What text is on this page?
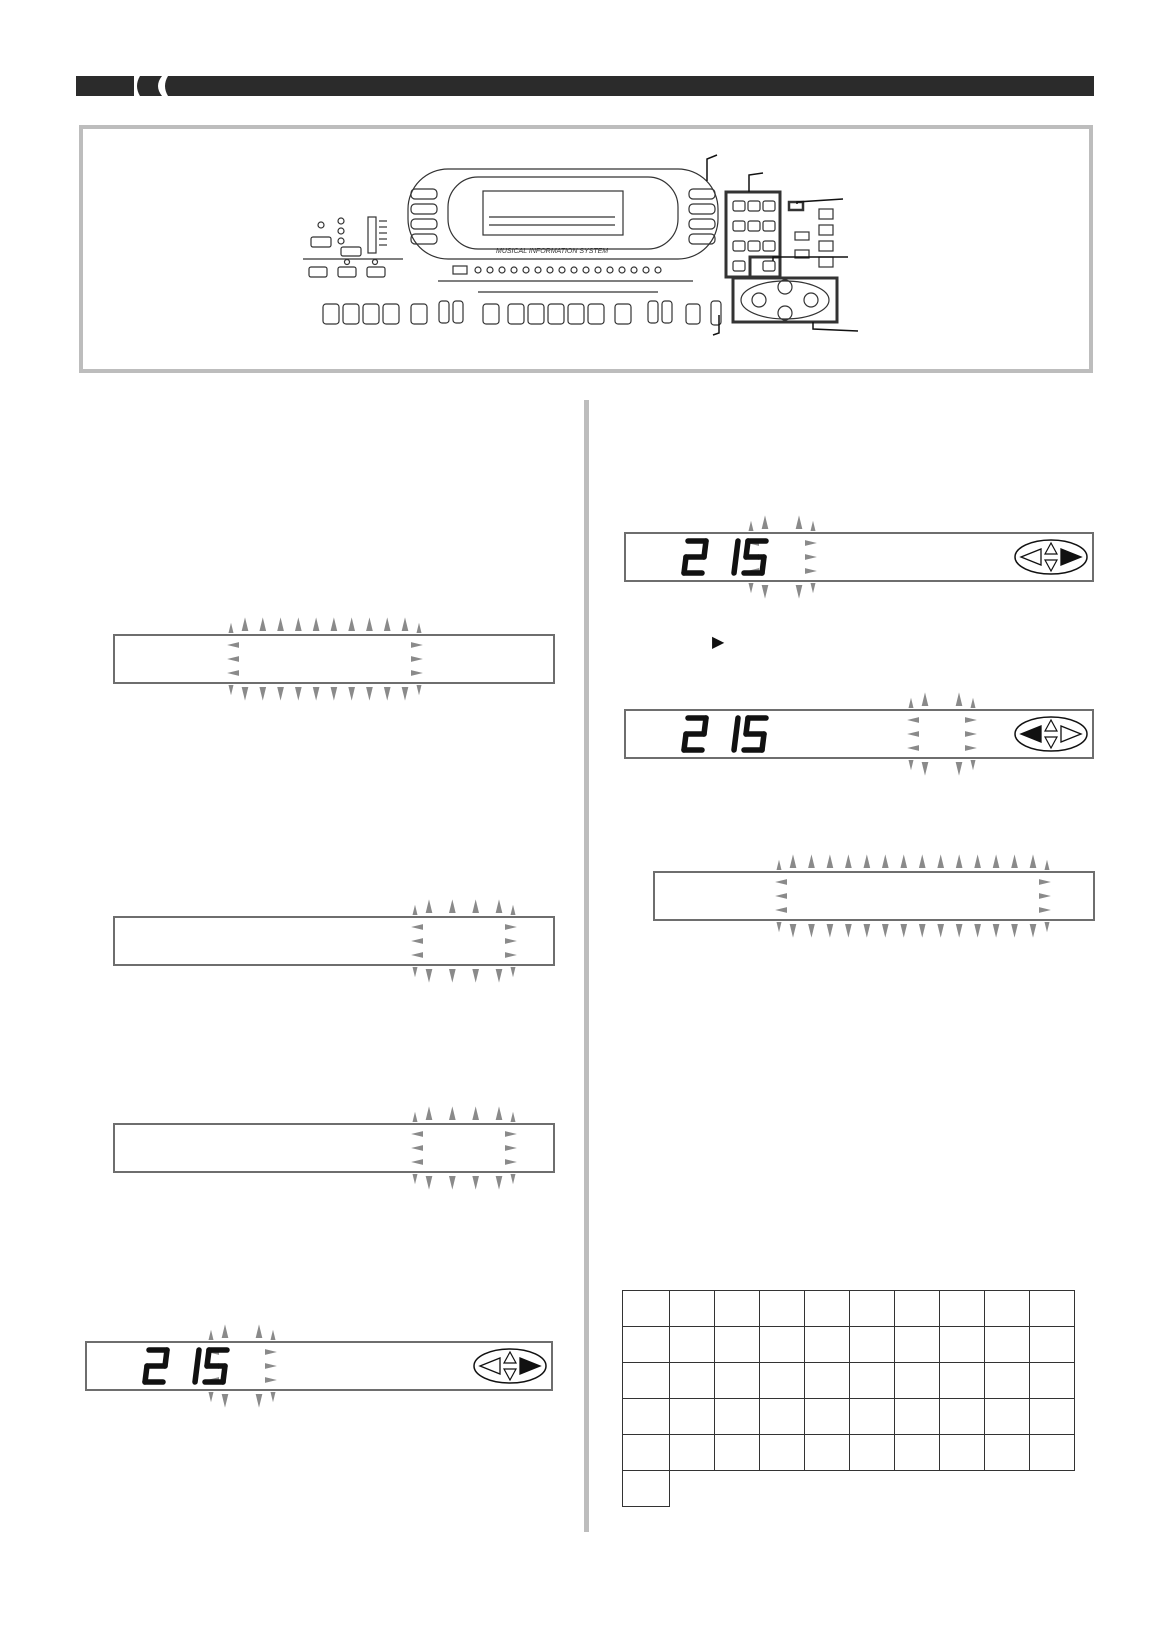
MUSICAL INFORMATION SYSTEM
215
215
215
▶
